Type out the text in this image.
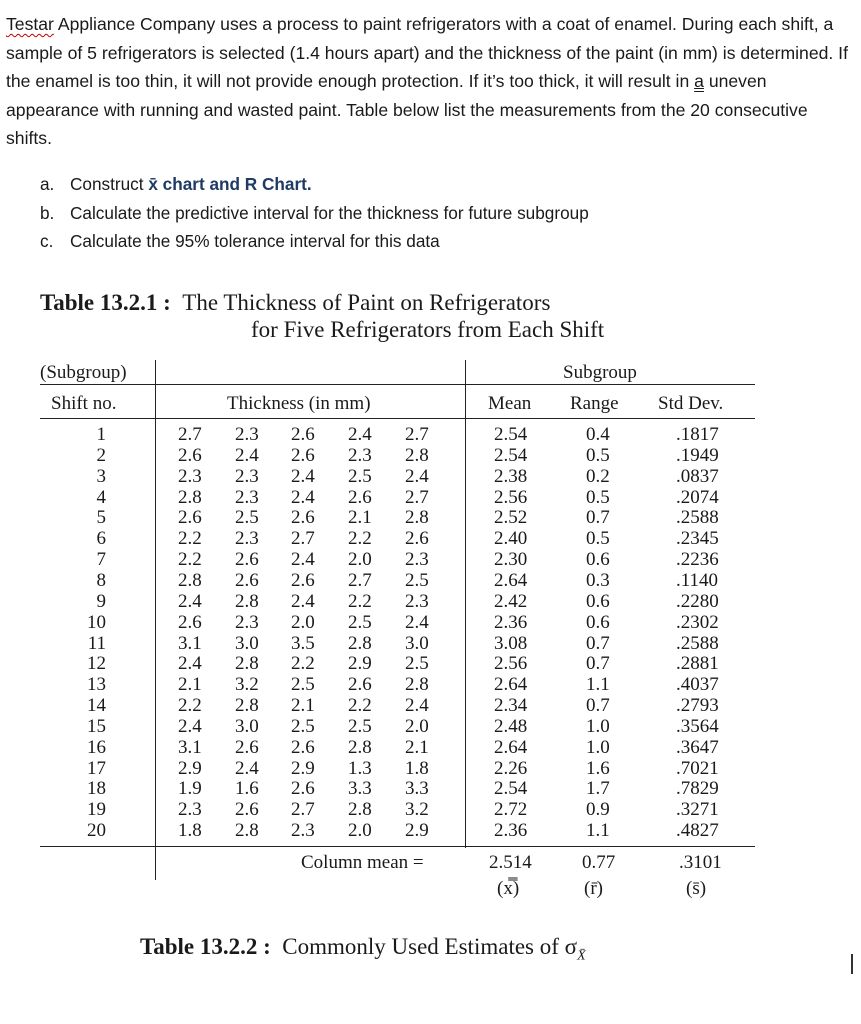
Testar Appliance Company uses a process to paint refrigerators with a coat of enamel. During each shift, a sample of 5 refrigerators is selected (1.4 hours apart) and the thickness of the paint (in mm) is determined. If the enamel is too thin, it will not provide enough protection. If it’s too thick, it will result in a uneven appearance with running and wasted paint. Table below list the measurements from the 20 consecutive shifts.
a. Construct x̄ chart and R Chart.
b. Calculate the predictive interval for the thickness for future subgroup
c. Calculate the 95% tolerance interval for this data
Table 13.2.1 : The Thickness of Paint on Refrigerators
for Five Refrigerators from Each Shift
(Subgroup)
Shift no.	Thickness (in mm)
Subgroup
Mean Range Std Dev.
1	2.7 2.3 2.6 2.4 2.7	2.54	0.4	.1817
2	2.6 2.4 2.6 2.3 2.8	2.54	0.5	.1949
3	2.3 2.3 2.4 2.5 2.4	2.38	0.2	.0837
4	2.8 2.3 2.4 2.6 2.7	2.56	0.5	.2074
5	2.6 2.5 2.6 2.1 2.8	2.52	0.7	.2588
6	2.2 2.3 2.7 2.2 2.6	2.40	0.5	.2345
7	2.2 2.6 2.4 2.0 2.3	2.30	0.6	.2236
8	2.8 2.6 2.6 2.7 2.5	2.64	0.3	.1140
9	2.4 2.8 2.4 2.2 2.3	2.42	0.6	.2280
10	2.6 2.3 2.0 2.5 2.4	2.36	0.6	.2302
11	3.1 3.0 3.5 2.8 3.0	3.08	0.7	.2588
12	2.4 2.8 2.2 2.9 2.5	2.56	0.7	.2881
13	2.1 3.2 2.5 2.6 2.8	2.64	1.1	.4037
14	2.2 2.8 2.1 2.2 2.4	2.34	0.7	.2793
15	2.4 3.0 2.5 2.5 2.0	2.48	1.0	.3564
16	3.1 2.6 2.6 2.8 2.1	2.64	1.0	.3647
17	2.9 2.4 2.9 1.3 1.8	2.26	1.6	.7021
18	1.9 1.6 2.6 3.3 3.3	2.54	1.7	.7829
19	2.3 2.6 2.7 2.8 3.2	2.72	0.9	.3271
20	1.8 2.8 2.3 2.0 2.9	2.36	1.1	.4827
Column mean =	2.514	0.77	.3101
(x̿)	(r̄)	(s̄)
Table 13.2.2 : Commonly Used Estimates of $\sigma_{X̄}$
